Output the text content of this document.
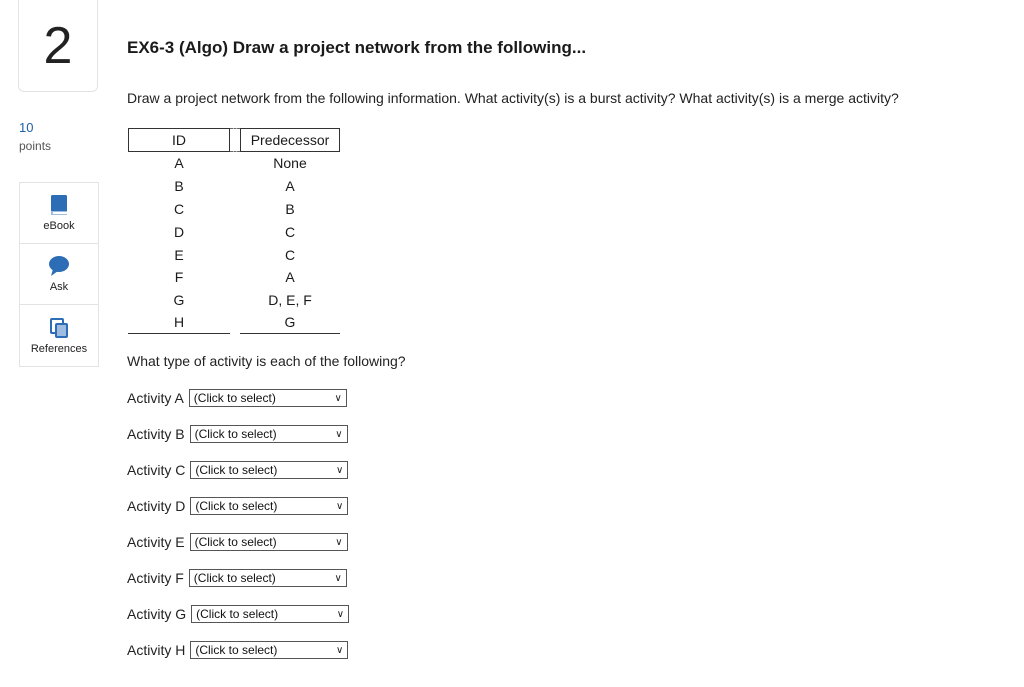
2
10
points
eBook
Ask
References
EX6-3 (Algo) Draw a project network from the following...
Draw a project network from the following information. What activity(s) is a burst activity? What activity(s) is a merge activity?
ID	Predecessor
A	None
B	A
C	B
D	C
E	C
F	A
G	D, E, F
H	G
What type of activity is each of the following?
Activity A (Click to select)	∨
Activity B (Click to select)	∨
Activity C (Click to select)	∨
Activity D (Click to select)	∨
Activity E (Click to select)	∨
Activity F (Click to select)	∨
Activity G (Click to select)	∨
Activity H (Click to select)	∨
